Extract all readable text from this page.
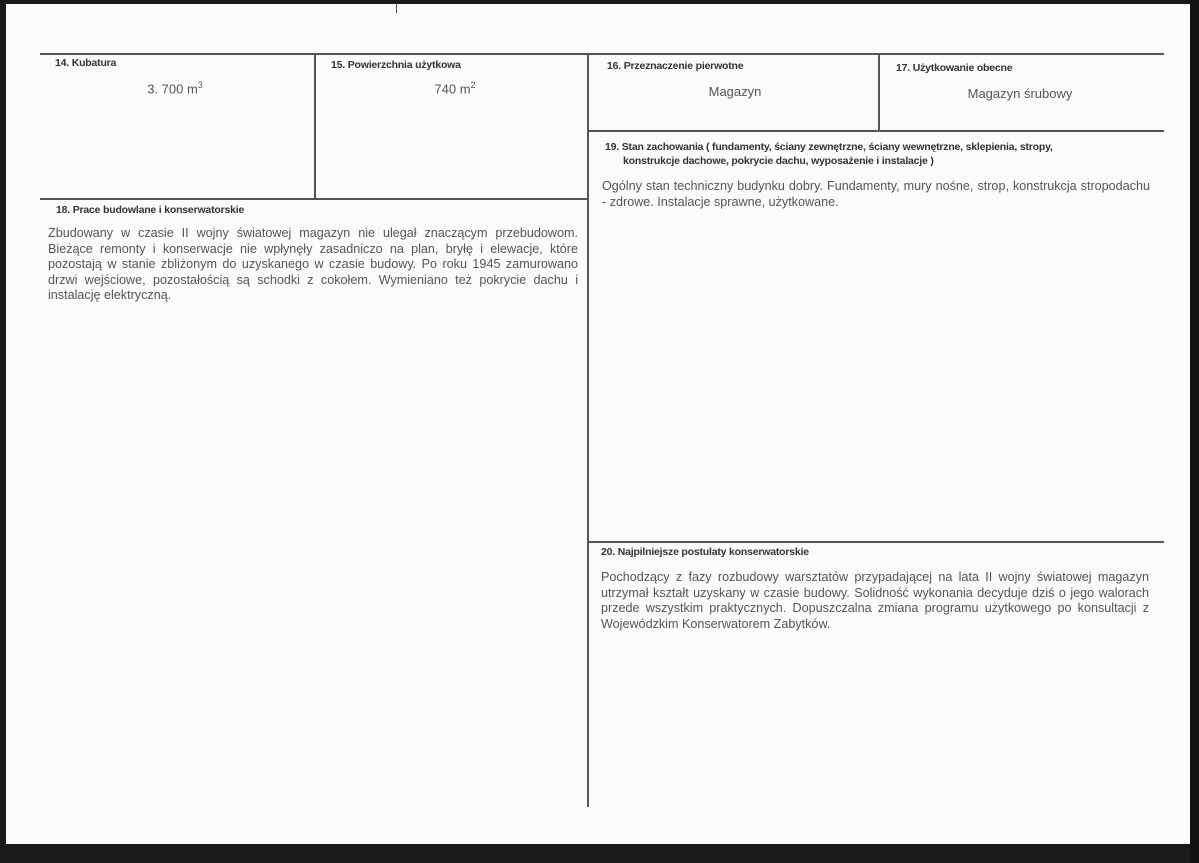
14. Kubatura
3. 700 $m^3$
15. Powierzchnia użytkowa
740 $m^2$
16. Przeznaczenie pierwotne
Magazyn
17. Użytkowanie obecne
Magazyn śrubowy
19. Stan zachowania ( fundamenty, ściany zewnętrzne, ściany wewnętrzne, sklepienia, stropy,
konstrukcje dachowe, pokrycie dachu, wyposażenie i instalacje )

Ogólny stan techniczny budynku dobry. Fundamenty, mury nośne, strop, konstrukcja stropodachu - zdrowe. Instalacje sprawne, użytkowane.

18. Prace budowlane i konserwatorskie

Zbudowany w czasie II wojny światowej magazyn nie ulegał znaczącym przebudowom. Bieżące remonty i konserwacje nie wpłynęły zasadniczo na plan, bryłę i elewacje, które pozostają w stanie zbliżonym do uzyskanego w czasie budowy. Po roku 1945 zamurowano drzwi wejściowe, pozostałością są schodki z cokołem. Wymieniano też pokrycie dachu i instalację elektryczną.

20. Najpilniejsze postulaty konserwatorskie

Pochodzący z fazy rozbudowy warsztatów przypadającej na lata II wojny światowej magazyn utrzymał kształt uzyskany w czasie budowy. Solidność wykonania decyduje dziś o jego walorach przede wszystkim praktycznych. Dopuszczalna zmiana programu użytkowego po konsultacji z Wojewódzkim Konserwatorem Zabytków.
